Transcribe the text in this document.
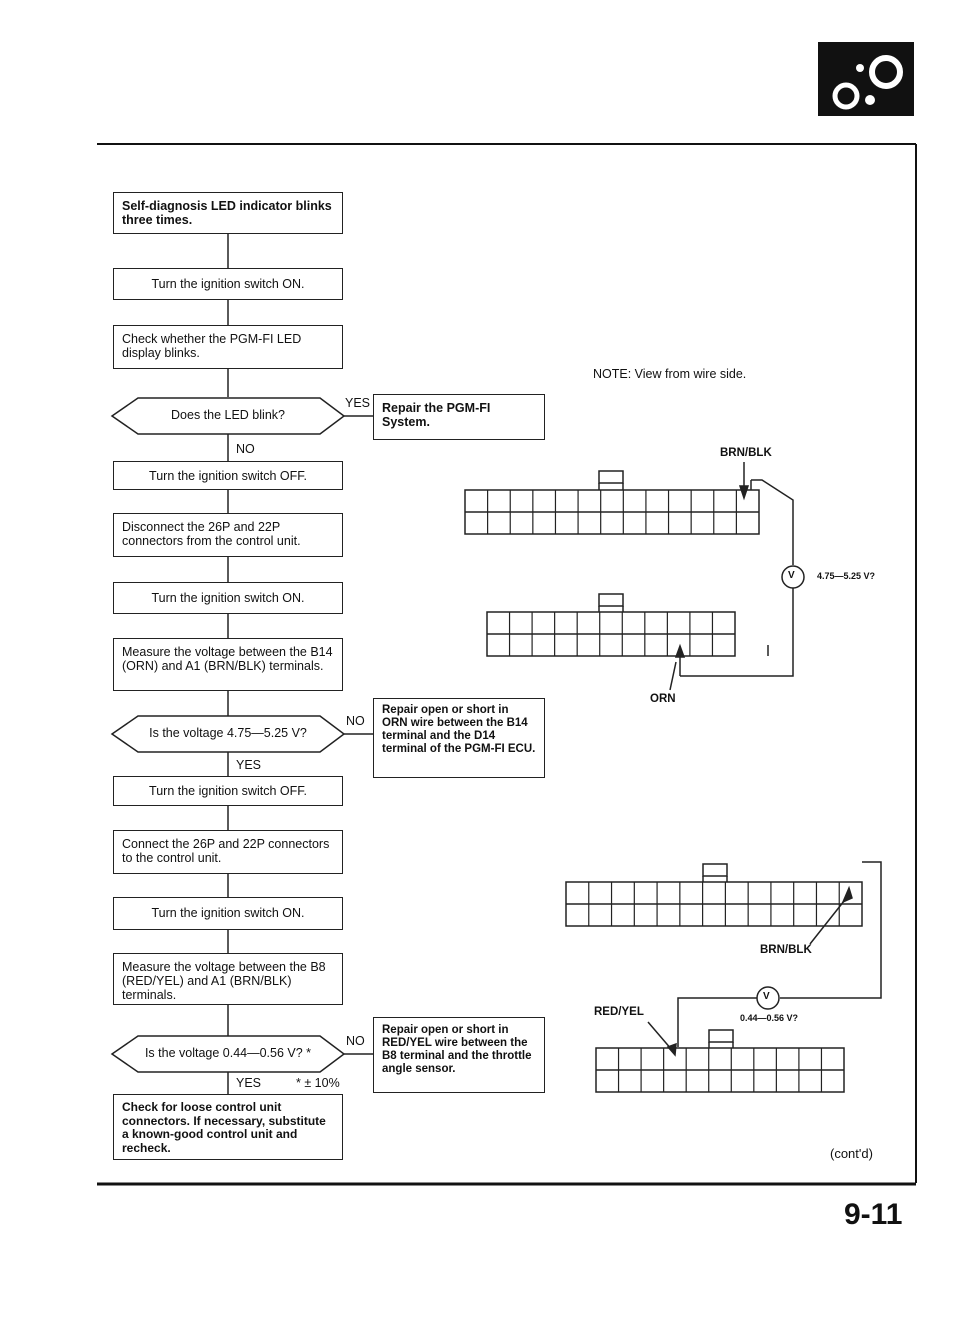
Self-diagnosis LED indicator blinks three times.
Turn the ignition switch ON.
Check whether the PGM-FI LED display blinks.
Does the LED blink?
YES Repair the PGM-FI System.
NO
Turn the ignition switch OFF.
Disconnect the 26P and 22P connectors from the control unit.
Turn the ignition switch ON.
Measure the voltage between the B14 (ORN) and A1 (BRN/BLK) terminals.
Is the voltage 4.75—5.25 V?
NO
Repair open or short in ORN wire between the B14 terminal and the D14 terminal of the PGM-FI ECU.
YES
Turn the ignition switch OFF.
Connect the 26P and 22P connectors to the control unit.
Turn the ignition switch ON.
Measure the voltage between the B8 (RED/YEL) and A1 (BRN/BLK) terminals.
Is the voltage 0.44—0.56 V? *
NO
Repair open or short in RED/YEL wire between the B8 terminal and the throttle angle sensor.
YES	* ± 10%
Check for loose control unit connectors. If necessary, substitute a known-good control unit and recheck.
NOTE: View from wire side.
BRN/BLK
V 4.75—5.25 V?
ORN
BRN/BLK
RED/YEL
V
0.44—0.56 V?
(cont'd)
9-11
